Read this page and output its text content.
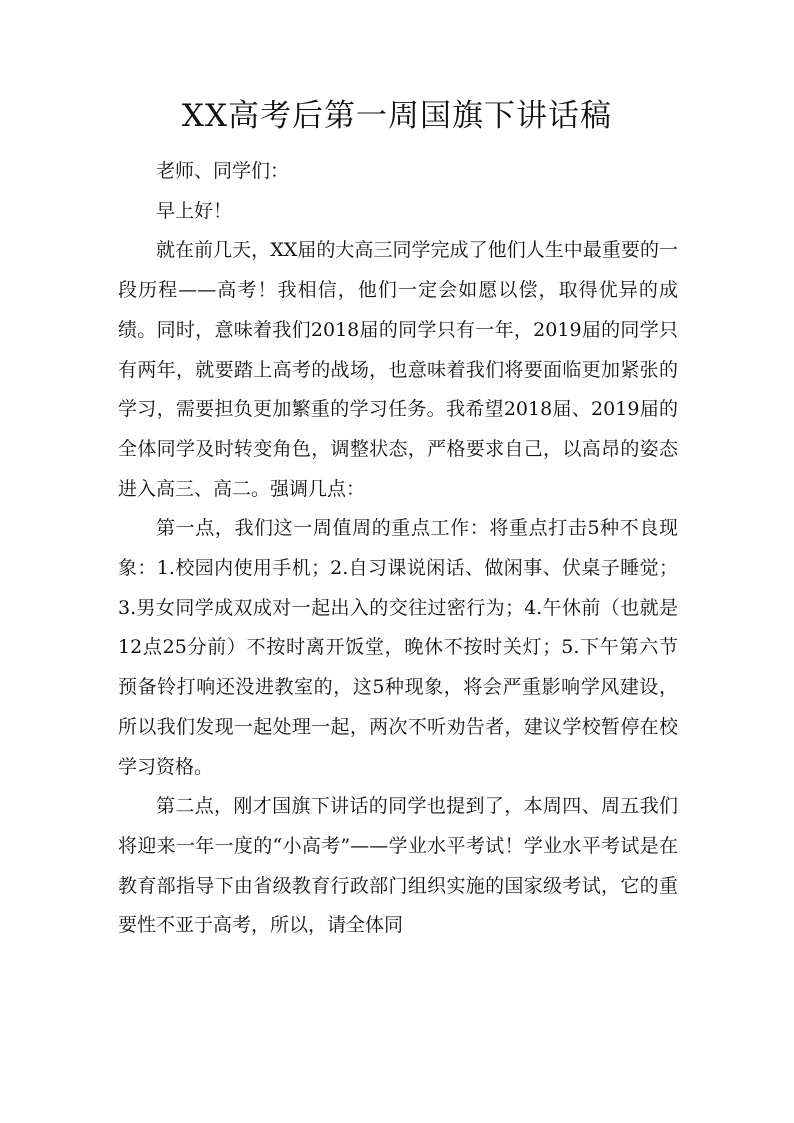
XX高考后第一周国旗下讲话稿

老师、同学们：

早上好！

就在前几天，XX届的大高三同学完成了他们人生中最重要的一段历程——高考！我相信，他们一定会如愿以偿，取得优异的成绩。同时，意味着我们2018届的同学只有一年，2019届的同学只有两年，就要踏上高考的战场，也意味着我们将要面临更加紧张的学习，需要担负更加繁重的学习任务。我希望2018届、2019届的全体同学及时转变角色，调整状态，严格要求自己，以高昂的姿态进入高三、高二。强调几点：

第一点，我们这一周值周的重点工作：将重点打击5种不良现象：1.校园内使用手机；2.自习课说闲话、做闲事、伏桌子睡觉；3.男女同学成双成对一起出入的交往过密行为；4.午休前（也就是12点25分前）不按时离开饭堂，晚休不按时关灯；5.下午第六节预备铃打响还没进教室的，这5种现象，将会严重影响学风建设，所以我们发现一起处理一起，两次不听劝告者，建议学校暂停在校学习资格。

第二点，刚才国旗下讲话的同学也提到了，本周四、周五我们将迎来一年一度的“小高考”——学业水平考试！学业水平考试是在教育部指导下由省级教育行政部门组织实施的国家级考试，它的重要性不亚于高考，所以，请全体同
